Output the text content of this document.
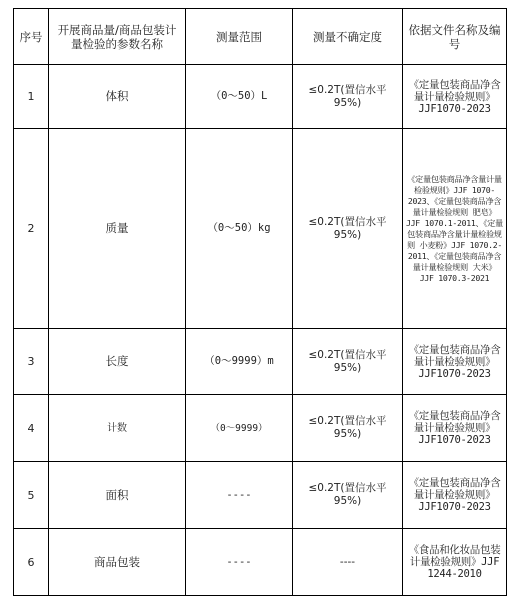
序号	开展商品量/商品包装计量检验的参数名称	测量范围	测量不确定度	依据文件名称及编号
1	体积	（0～50）L	≤0.2T(置信水平95%)	《定量包装商品净含量计量检验规则》JJF1070-2023
2	质量	（0～50）kg	≤0.2T(置信水平95%)	《定量包装商品净含量计量检验规则》JJF 1070-2023、《定量包装商品净含量计量检验规则 肥皂》JJF 1070.1-2011、《定量包装商品净含量计量检验规则 小麦粉》JJF 1070.2-2011、《定量包装商品净含量计量检验规则 大米》JJF 1070.3-2021
3	长度	（0～9999）m	≤0.2T(置信水平95%)	《定量包装商品净含量计量检验规则》JJF1070-2023
4	计数	（0～9999）	≤0.2T(置信水平95%)	《定量包装商品净含量计量检验规则》JJF1070-2023
5	面积	----	≤0.2T(置信水平95%)	《定量包装商品净含量计量检验规则》JJF1070-2023
6	商品包装	----	----	《食品和化妆品包装计量检验规则》JJF 1244-2010
